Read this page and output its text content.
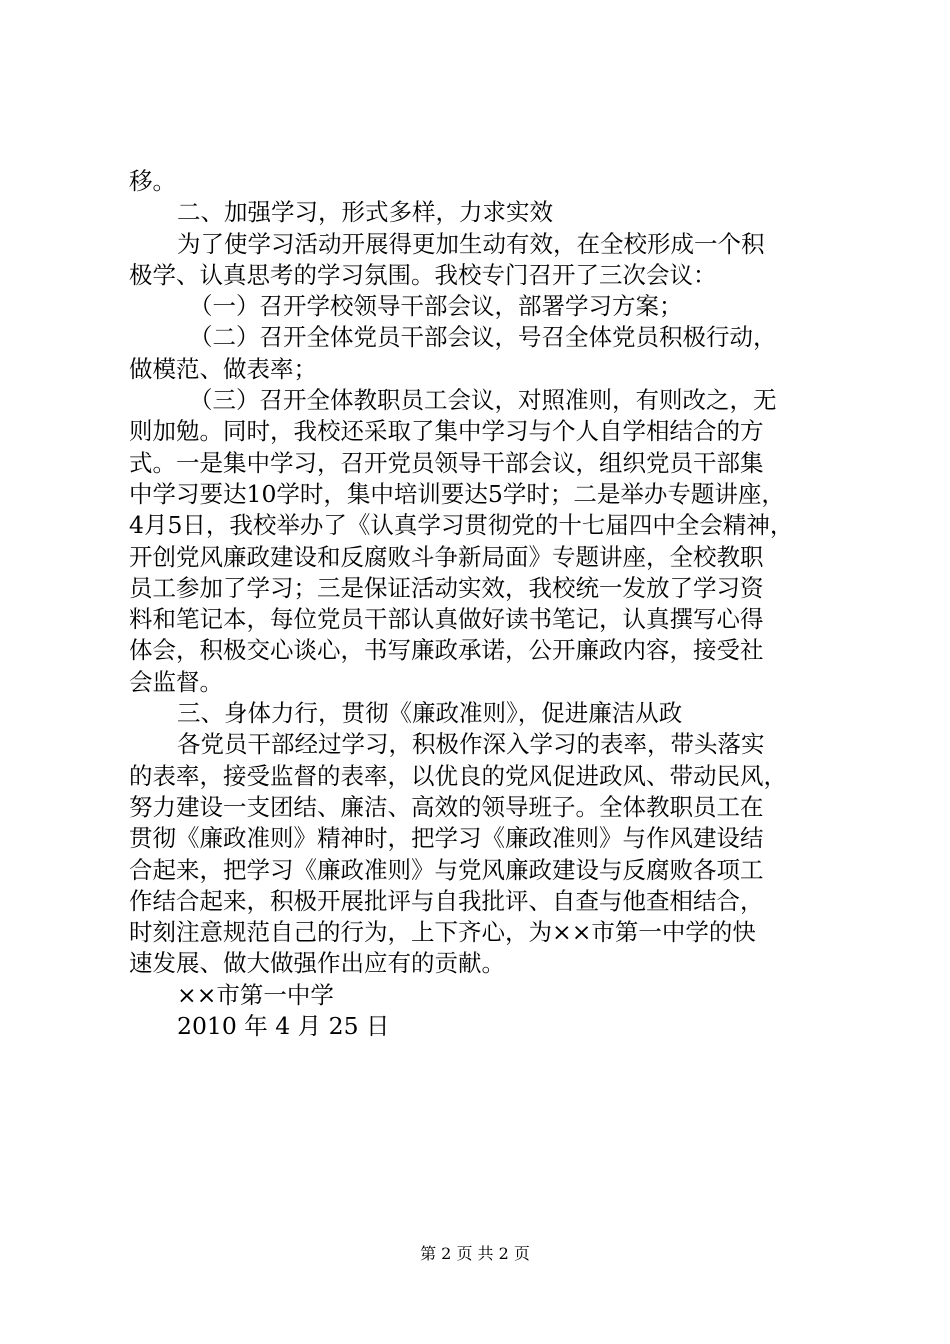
移。
二、加强学习，形式多样，力求实效
为了使学习活动开展得更加生动有效，在全校形成一个积
极学、认真思考的学习氛围。我校专门召开了三次会议：
（一）召开学校领导干部会议，部署学习方案；
（二）召开全体党员干部会议，号召全体党员积极行动，
做模范、做表率；
（三）召开全体教职员工会议，对照准则，有则改之，无
则加勉。同时，我校还采取了集中学习与个人自学相结合的方
式。一是集中学习，召开党员领导干部会议，组织党员干部集
中学习要达10学时，集中培训要达5学时；二是举办专题讲座，
4月5日，我校举办了《认真学习贯彻党的十七届四中全会精神，
开创党风廉政建设和反腐败斗争新局面》专题讲座，全校教职
员工参加了学习；三是保证活动实效，我校统一发放了学习资
料和笔记本，每位党员干部认真做好读书笔记，认真撰写心得
体会，积极交心谈心，书写廉政承诺，公开廉政内容，接受社
会监督。
三、身体力行，贯彻《廉政准则》，促进廉洁从政
各党员干部经过学习，积极作深入学习的表率，带头落实
的表率，接受监督的表率，以优良的党风促进政风、带动民风，
努力建设一支团结、廉洁、高效的领导班子。全体教职员工在
贯彻《廉政准则》精神时，把学习《廉政准则》与作风建设结
合起来，把学习《廉政准则》与党风廉政建设与反腐败各项工
作结合起来，积极开展批评与自我批评、自查与他查相结合，
时刻注意规范自己的行为，上下齐心，为××市第一中学的快
速发展、做大做强作出应有的贡献。
××市第一中学
2010 年 4 月 25 日
第 2 页 共 2 页
